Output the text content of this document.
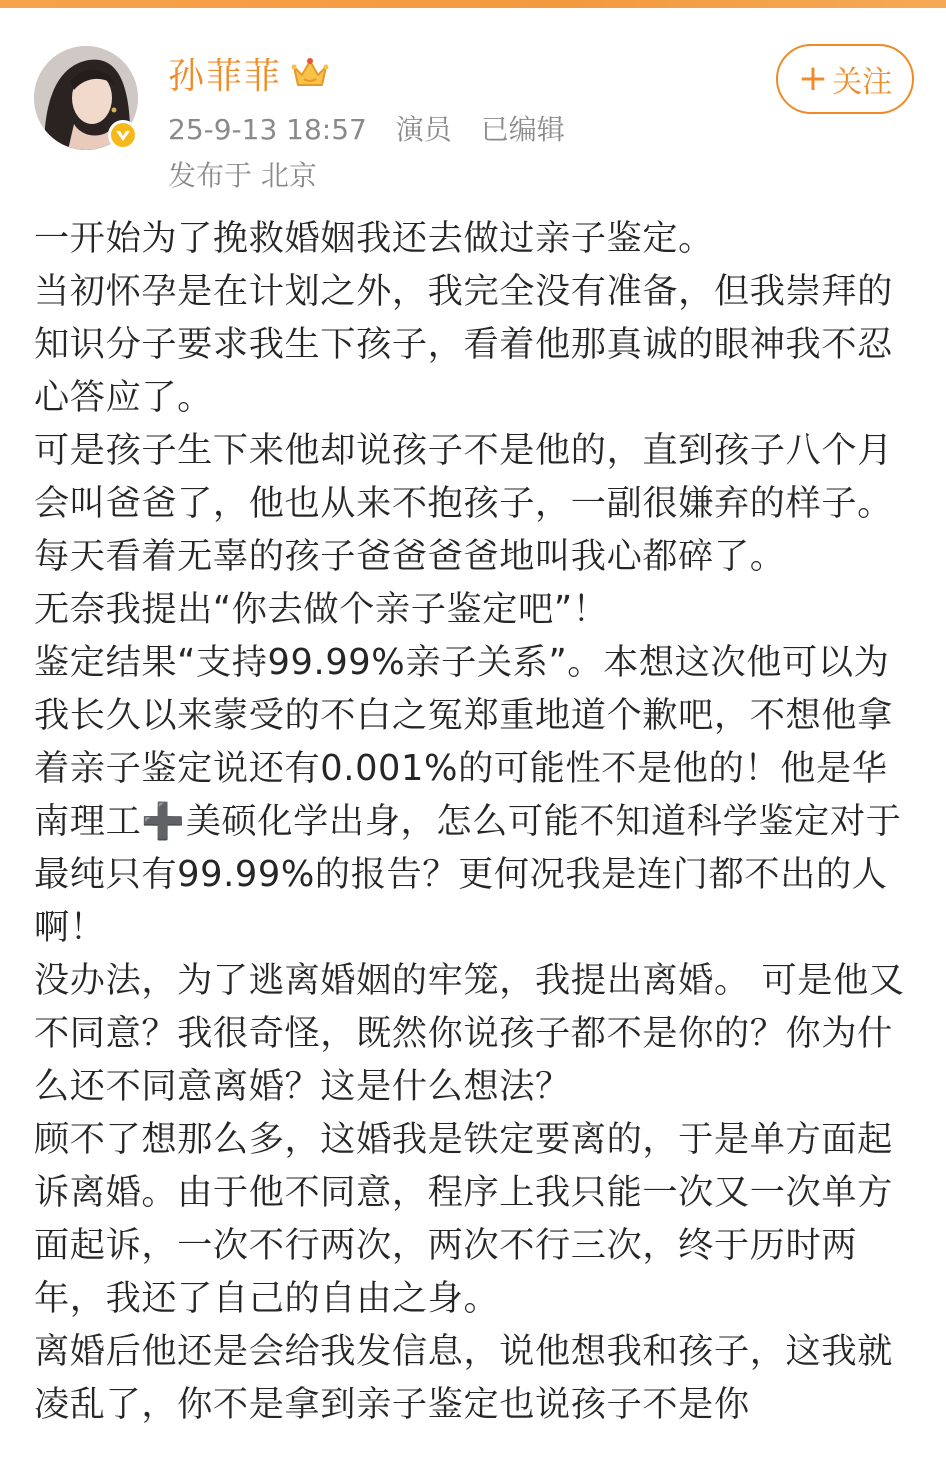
孙菲菲
25-9-13 18:57 演员 已编辑
发布于 北京
+ 关注

一开始为了挽救婚姻我还去做过亲子鉴定。

当初怀孕是在计划之外，我完全没有准备，但我崇拜的知识分子要求我生下孩子，看着他那真诚的眼神我不忍心答应了。

可是孩子生下来他却说孩子不是他的，直到孩子八个月会叫爸爸了，他也从来不抱孩子，一副很嫌弃的样子。每天看着无辜的孩子爸爸爸爸地叫我心都碎了。

无奈我提出“你去做个亲子鉴定吧”！

鉴定结果“支持99.99%亲子关系”。本想这次他可以为我长久以来蒙受的不白之冤郑重地道个歉吧，不想他拿着亲子鉴定说还有0.001%的可能性不是他的！他是华南理工➕美硕化学出身，怎么可能不知道科学鉴定对于最纯只有99.99%的报告？更何况我是连门都不出的人啊！

没办法，为了逃离婚姻的牢笼，我提出离婚。 可是他又不同意？我很奇怪，既然你说孩子都不是你的？你为什么还不同意离婚？这是什么想法？

顾不了想那么多，这婚我是铁定要离的，于是单方面起诉离婚。由于他不同意，程序上我只能一次又一次单方面起诉，一次不行两次，两次不行三次，终于历时两年，我还了自己的自由之身。

离婚后他还是会给我发信息，说他想我和孩子，这我就凌乱了，你不是拿到亲子鉴定也说孩子不是你
